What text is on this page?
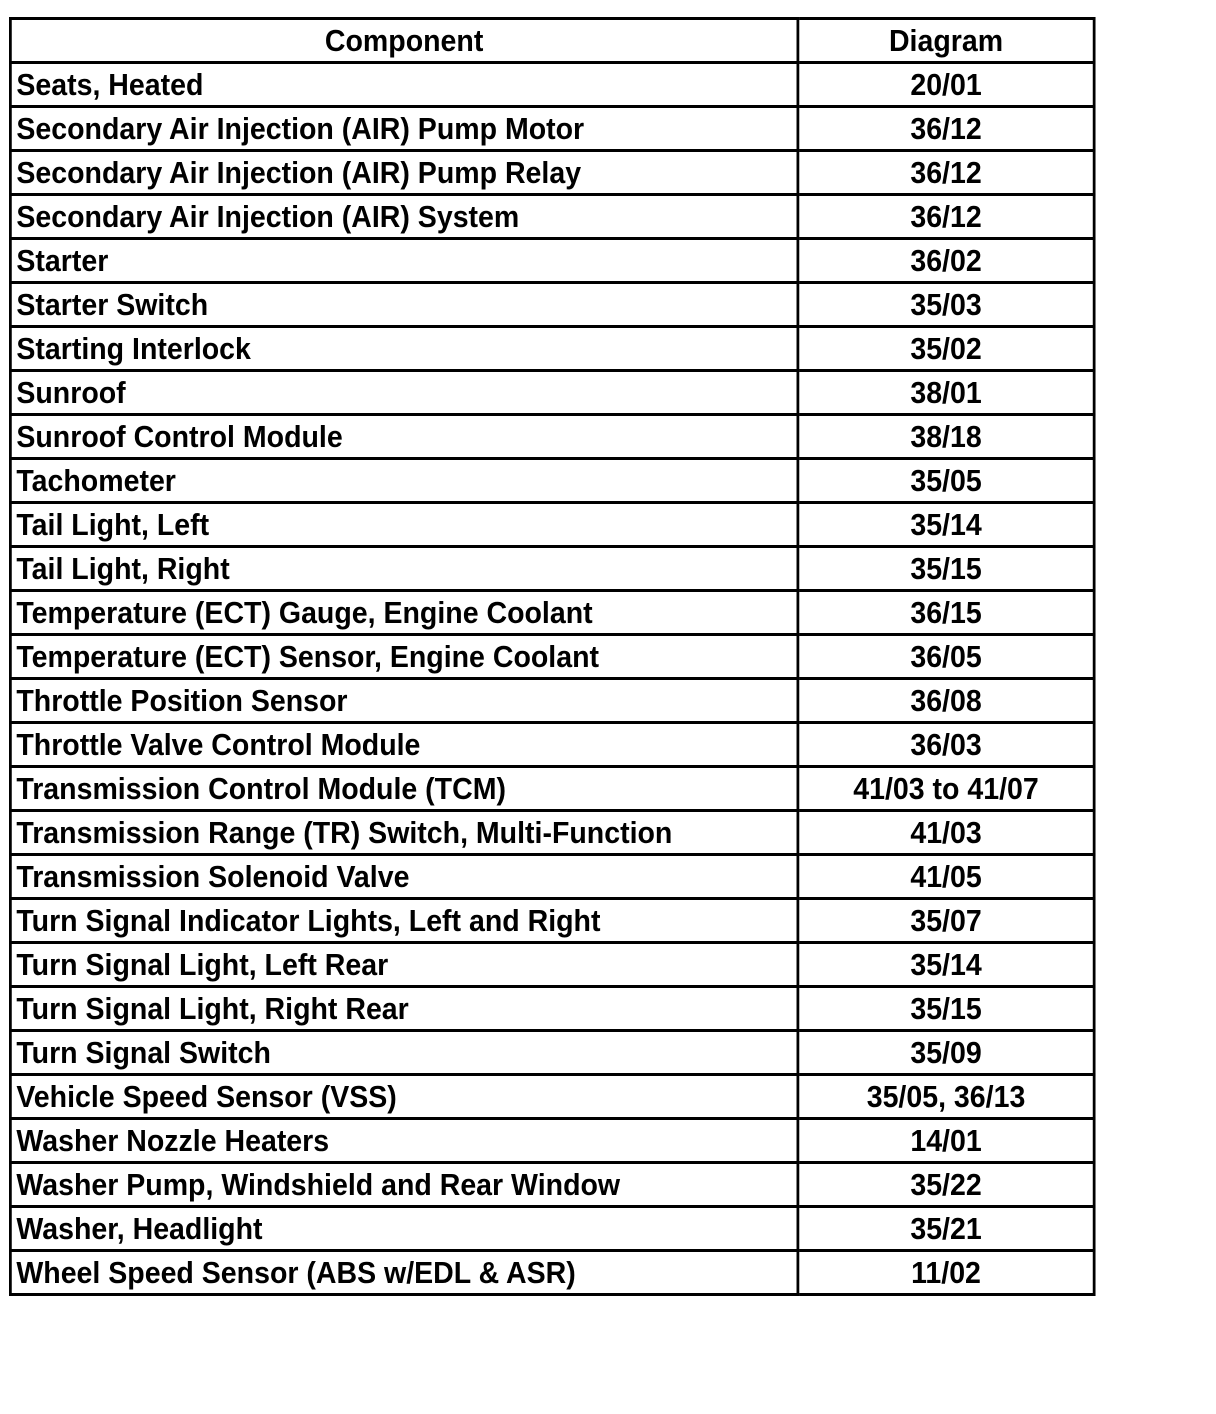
Component	Diagram
Seats, Heated	20/01
Secondary Air Injection (AIR) Pump Motor	36/12
Secondary Air Injection (AIR) Pump Relay	36/12
Secondary Air Injection (AIR) System	36/12
Starter	36/02
Starter Switch	35/03
Starting Interlock	35/02
Sunroof	38/01
Sunroof Control Module	38/18
Tachometer	35/05
Tail Light, Left	35/14
Tail Light, Right	35/15
Temperature (ECT) Gauge, Engine Coolant	36/15
Temperature (ECT) Sensor, Engine Coolant	36/05
Throttle Position Sensor	36/08
Throttle Valve Control Module	36/03
Transmission Control Module (TCM)	41/03 to 41/07
Transmission Range (TR) Switch, Multi-Function	41/03
Transmission Solenoid Valve	41/05
Turn Signal Indicator Lights, Left and Right	35/07
Turn Signal Light, Left Rear	35/14
Turn Signal Light, Right Rear	35/15
Turn Signal Switch	35/09
Vehicle Speed Sensor (VSS)	35/05, 36/13
Washer Nozzle Heaters	14/01
Washer Pump, Windshield and Rear Window	35/22
Washer, Headlight	35/21
Wheel Speed Sensor (ABS w/EDL & ASR)	11/02
